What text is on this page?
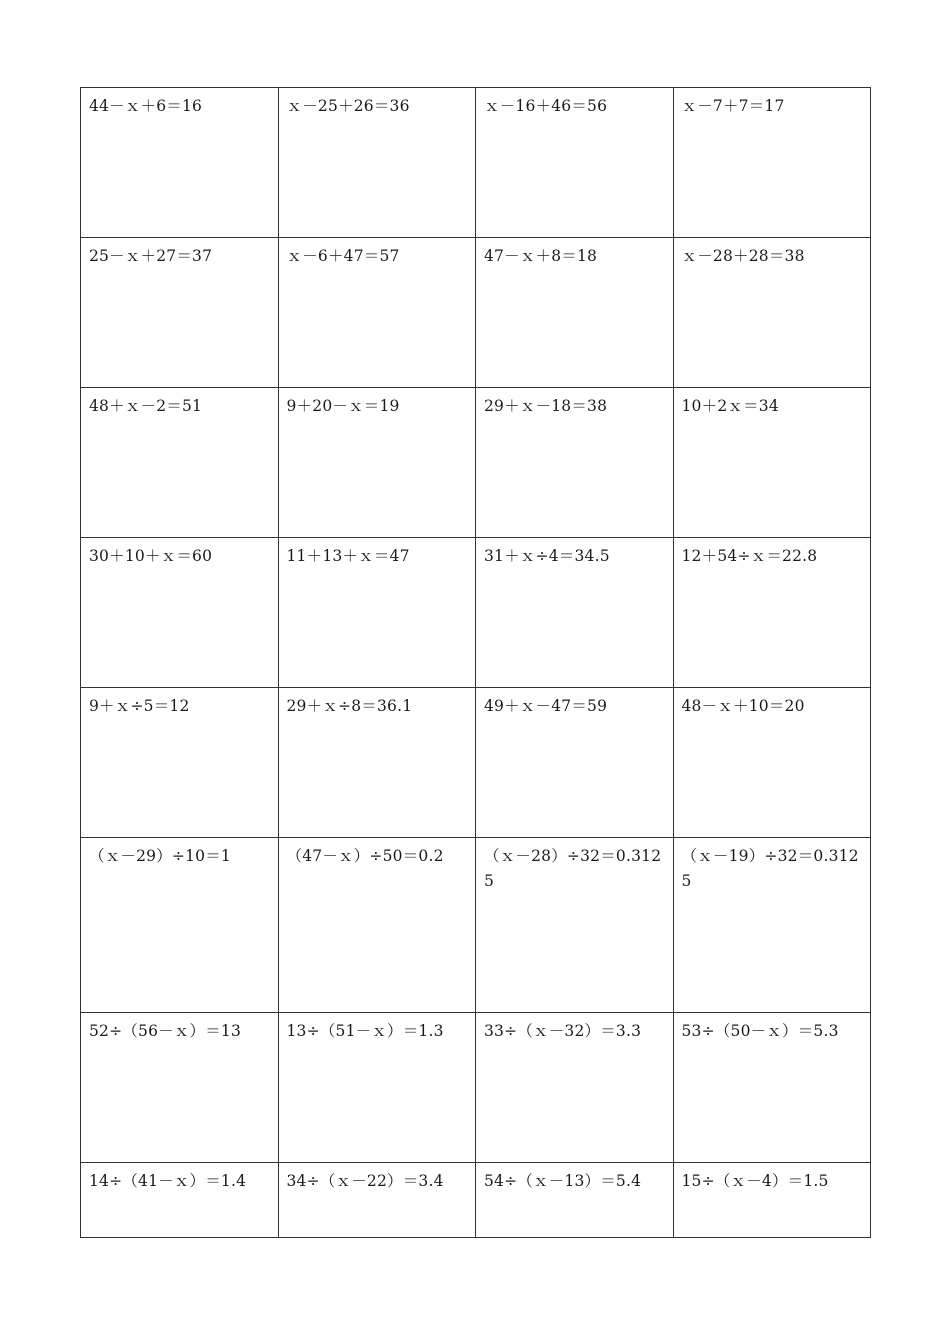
44－ｘ＋6＝16	ｘ－25＋26＝36	ｘ－16＋46＝56	ｘ－7＋7＝17
25－ｘ＋27＝37	ｘ－6＋47＝57	47－ｘ＋8＝18	ｘ－28＋28＝38
48＋ｘ－2＝51	9＋20－ｘ＝19	29＋ｘ－18＝38	10＋2ｘ＝34
30＋10＋ｘ＝60	11＋13＋ｘ＝47	31＋ｘ÷4＝34.5	12＋54÷ｘ＝22.8
9＋ｘ÷5＝12	29＋ｘ÷8＝36.1	49＋ｘ－47＝59	48－ｘ＋10＝20
（ｘ－29）÷10＝1	（47－ｘ）÷50＝0.2	（ｘ－28）÷32＝0.3125	（ｘ－19）÷32＝0.3125
52÷（56－ｘ）＝13	13÷（51－ｘ）＝1.3	33÷（ｘ－32）＝3.3	53÷（50－ｘ）＝5.3
14÷（41－ｘ）＝1.4	34÷（ｘ－22）＝3.4	54÷（ｘ－13）＝5.4	15÷（ｘ－4）＝1.5
